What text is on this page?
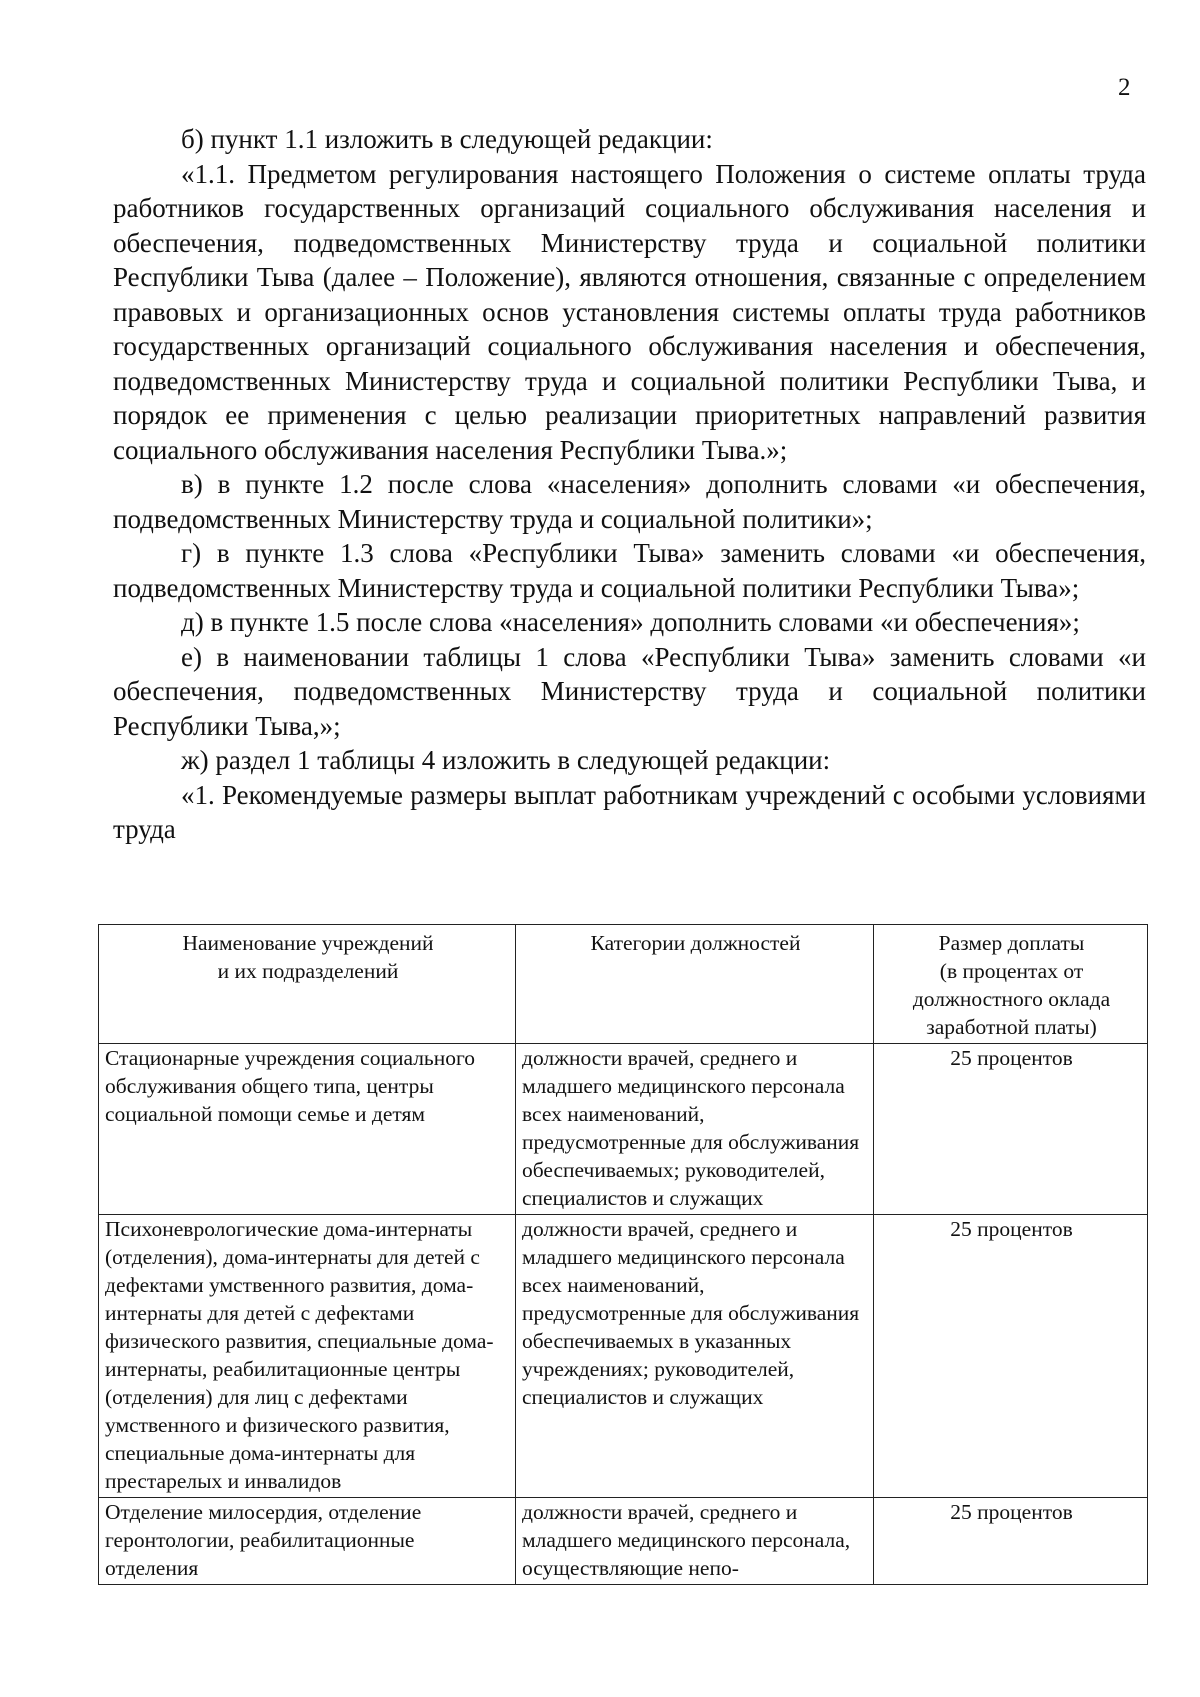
2

б) пункт 1.1 изложить в следующей редакции:

«1.1. Предметом регулирования настоящего Положения о системе оплаты труда работников государственных организаций социального обслуживания населения и обеспечения, подведомственных Министерству труда и социальной политики Республики Тыва (далее – Положение), являются отношения, связанные с определением правовых и организационных основ установления системы оплаты труда работников государственных организаций социального обслуживания населения и обеспечения, подведомственных Министерству труда и социальной политики Республики Тыва, и порядок ее применения с целью реализации приоритетных направлений развития социального обслуживания населения Республики Тыва.»;

в) в пункте 1.2 после слова «населения» дополнить словами «и обеспечения, подведомственных Министерству труда и социальной политики»;

г) в пункте 1.3 слова «Республики Тыва» заменить словами «и обеспечения, подведомственных Министерству труда и социальной политики Республики Тыва»;

д) в пункте 1.5 после слова «населения» дополнить словами «и обеспечения»;

е) в наименовании таблицы 1 слова «Республики Тыва» заменить словами «и обеспечения, подведомственных Министерству труда и социальной политики Республики Тыва,»;

ж) раздел 1 таблицы 4 изложить в следующей редакции:

«1. Рекомендуемые размеры выплат работникам учреждений с особыми условиями труда

Наименование учреждений
и их подразделений	Категории должностей	Размер доплаты
(в процентах от
должностного оклада
заработной платы)
Стационарные учреждения социального обслуживания общего типа, центры социальной помощи семье и детям	должности врачей, среднего и младшего медицинского персонала всех наименований, предусмотренные для обслуживания обеспечиваемых; руководителей, специалистов и служащих	25 процентов
Психоневрологические дома-интернаты (отделения), дома-интернаты для детей с дефектами умственного развития, дома-интернаты для детей с дефектами физического развития, специальные дома-интернаты, реабилитационные центры (отделения) для лиц с дефектами умственного и физического развития, специальные дома-интернаты для престарелых и инвалидов	должности врачей, среднего и младшего медицинского персонала всех наименований, предусмотренные для обслуживания обеспечиваемых в указанных учреждениях; руководителей, специалистов и служащих	25 процентов
Отделение милосердия, отделение геронтологии, реабилитационные отделения	должности врачей, среднего и младшего медицинского персонала, осуществляющие непо-	25 процентов
